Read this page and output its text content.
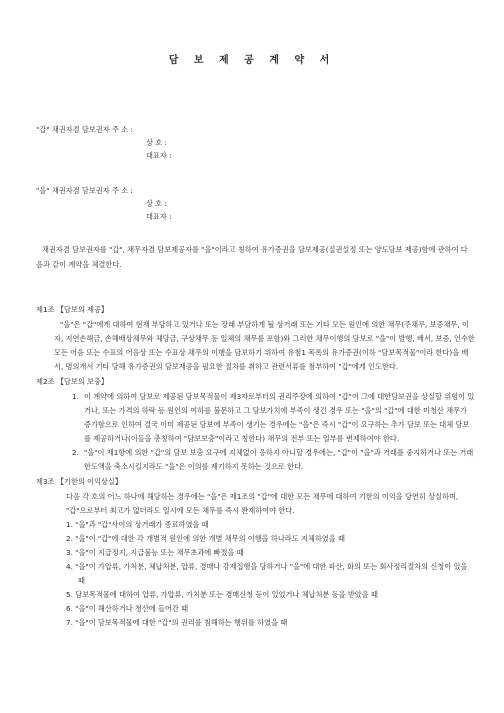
담 보 제 공 계 약 서
"갑" 채권자겸 담보권자 주 소 :
상 호 :
대표자 :
"을" 채권자겸 담보권자 주 소 :
상 호 :
대표자 :
채권자겸 담보권자를 "갑", 채무자겸 담보제공자를 "을"이라고 칭하여 유가증권을 담보제공(질권설정 또는 양도담보 제공)함에 관하여 다음과 같이 계약을 체결한다.
제1조 【담보의 제공】
"을"은 "갑"에게 대하여 현재 부담하고 있거나 또는 장래 부담하게 될 상거래 또는 기타 모든 원인에 의한 채무(주채무, 보증채무, 이자, 지연손해금, 손해배상채무와 체당금, 구상채무 등 일체의 채무를 포함)와 그러한 채무이행의 담보로 "을"이 발행, 배서, 보증, 인수한 모든 어음 또는 수표의 어음상 또는 수표상 채무의 이행을 담보하기 위하여 유첨1 목록의 유가증권(이하 "담보목적물"이라 한다)을 배서, 명의개서 기타 당해 유가증권의 담보제공을 필요한 절차를 취하고 관련서류를 첨부하여 "갑"에게 인도한다.
제2조 【담보의 보충】
1. 이 계약에 의하여 담보로 제공된 담보목적물이 제3자로부터의 권리주장에 의하여 "갑"이 그에 대한담보권을 상실할 위험이 있거나, 또는 가격의 하락 등 원인의 여하를 불문하고 그 담보가치에 부족이 생긴 경우 또는 "을"의 "갑"에 대한 미청산 채무가 증가함으로 인하여 결국 이미 제공된 담보에 부족이 생기는 경우에는 "을"은 즉시 "갑"이 요구하는 추가 담보 또는 대체 담보를 제공하거나(이들을 총칭하여 "담보보충"이라고 칭한다) 채무의 전부 또는 일부를 변제하여야 한다.
2. "을"이 제1항에 의한 "갑"의 담보 보충 요구에 지체없이 응하지 아니할 경우에는, "갑"이 "을"과 거래를 중지하거나 또는 거래한도액을 축소시킬지라도 "을"은 이의를 제기하지 못하는 것으로 한다.
제3조 【기한의 이익상실】
다음 각 호의 어느 하나에 해당하는 경우에는 "을"은 제1조의 "갑"에 대한 모든 채무에 대하여 기한의 이익을 당연히 상실하며, "갑"으로부터 최고가 없더라도 일시에 모든 채무를 즉시 완제하여야 한다.
1. "을"과 "갑"사이의 상거래가 종료하였을 때
2. "을"이 "갑"에 대한 각 개별적 원인에 의한 개별 채무의 이행을 하나라도 지체하였을 때
3. "을"이 지급정지, 지급불능 또는 채무초과에 빠졌을 때
4. "을"이 가압류, 가처분, 체납처분, 압류, 경매나 강제집행을 당하거나 "을"에 대한 파산, 화의 또는 회사정리절차의 신청이 있을 때
5. 담보목적물에 대하여 압류, 가압류, 가처분 또는 경매신청 등이 있었거나 체납처분 등을 받았을 때
6. "을"이 해산하거나 청산에 들어간 때
7. "을"이 담보목적물에 대한 "갑"의 권리를 침해하는 행위를 하였을 때
